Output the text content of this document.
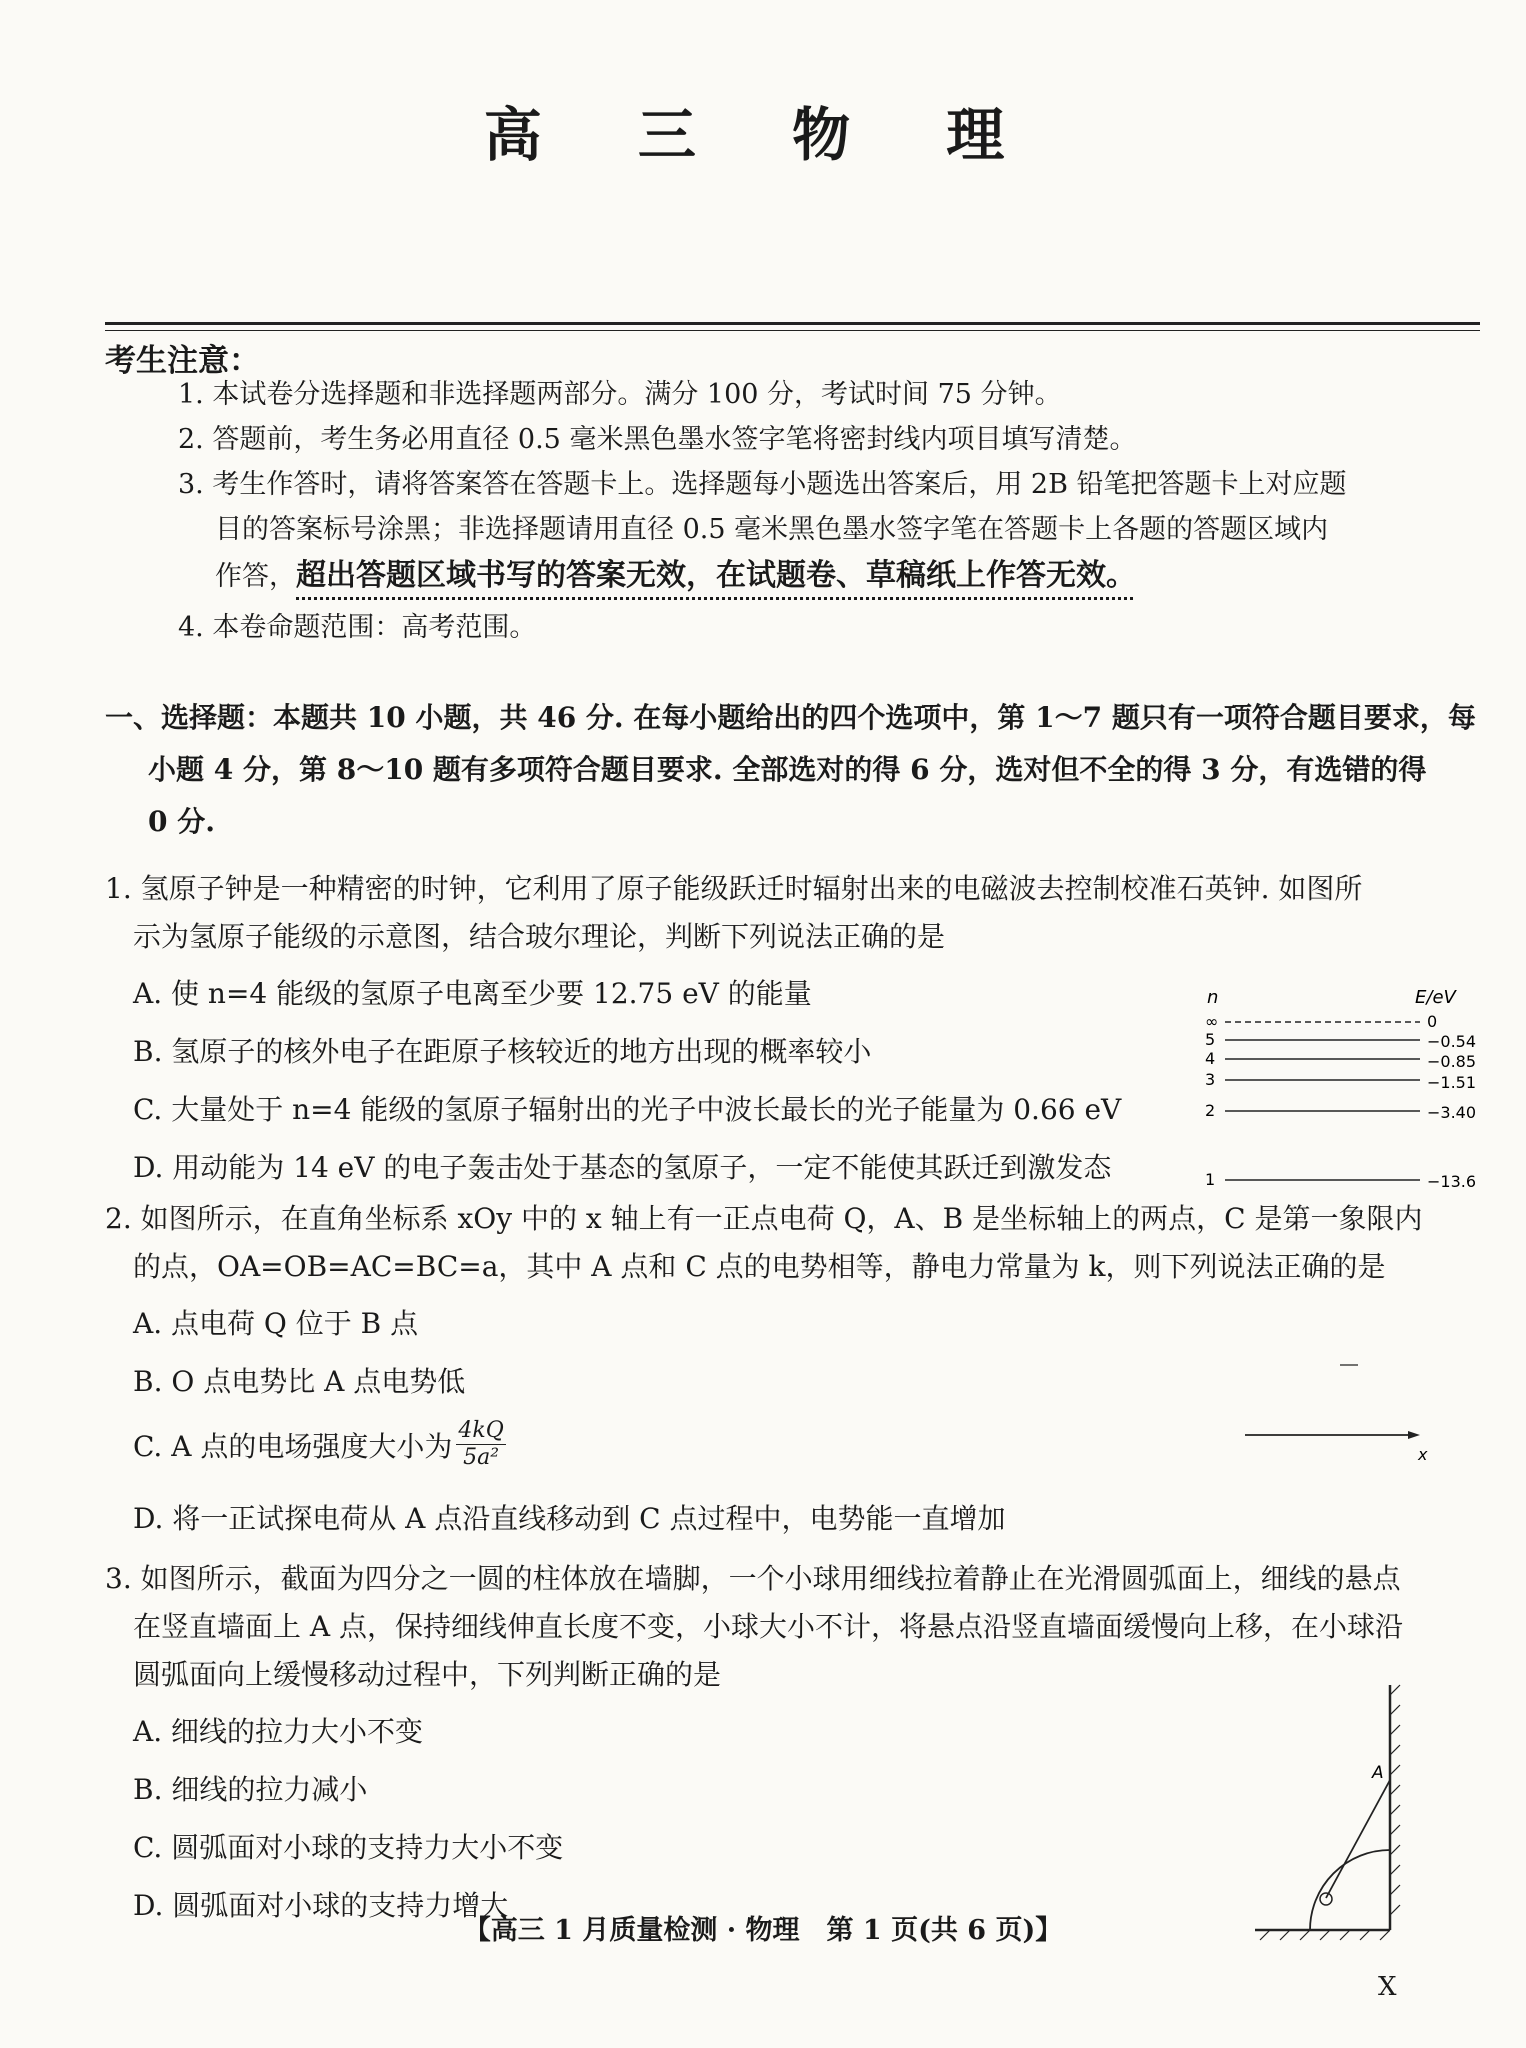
高 三 物 理
考生注意：
1. 本试卷分选择题和非选择题两部分。满分 100 分，考试时间 75 分钟。
2. 答题前，考生务必用直径 0.5 毫米黑色墨水签字笔将密封线内项目填写清楚。
3. 考生作答时，请将答案答在答题卡上。选择题每小题选出答案后，用 2B 铅笔把答题卡上对应题
目的答案标号涂黑；非选择题请用直径 0.5 毫米黑色墨水签字笔在答题卡上各题的答题区域内
作答，超出答题区域书写的答案无效，在试题卷、草稿纸上作答无效。
4. 本卷命题范围：高考范围。
一、选择题：本题共 10 小题，共 46 分. 在每小题给出的四个选项中，第 1～7 题只有一项符合题目要求，每
小题 4 分，第 8～10 题有多项符合题目要求. 全部选对的得 6 分，选对但不全的得 3 分，有选错的得
0 分.
1. 氢原子钟是一种精密的时钟，它利用了原子能级跃迁时辐射出来的电磁波去控制校准石英钟. 如图所
示为氢原子能级的示意图，结合玻尔理论，判断下列说法正确的是
A. 使 n=4 能级的氢原子电离至少要 12.75 eV 的能量
B. 氢原子的核外电子在距原子核较近的地方出现的概率较小
C. 大量处于 n=4 能级的氢原子辐射出的光子中波长最长的光子能量为 0.66 eV
D. 用动能为 14 eV 的电子轰击处于基态的氢原子，一定不能使其跃迁到激发态
n	E/eV
∞	0
5	−0.54
4	−0.85
3	−1.51
2	−3.40
1	−13.6
2. 如图所示，在直角坐标系 xOy 中的 x 轴上有一正点电荷 Q，A、B 是坐标轴上的两点，C 是第一象限内
的点，OA=OB=AC=BC=a，其中 A 点和 C 点的电势相等，静电力常量为 k，则下列说法正确的是
A. 点电荷 Q 位于 B 点
B. O 点电势比 A 点电势低
C. A 点的电场强度大小为 $\frac{4kQ}{\text{5a²}}$
D. 将一正试探电荷从 A 点沿直线移动到 C 点过程中，电势能一直增加
x
3. 如图所示，截面为四分之一圆的柱体放在墙脚，一个小球用细线拉着静止在光滑圆弧面上，细线的悬点
在竖直墙面上 A 点，保持细线伸直长度不变，小球大小不计，将悬点沿竖直墙面缓慢向上移，在小球沿
圆弧面向上缓慢移动过程中，下列判断正确的是
A. 细线的拉力大小不变
B. 细线的拉力减小
C. 圆弧面对小球的支持力大小不变
D. 圆弧面对小球的支持力增大
A
【高三 1 月质量检测 · 物理　第 1 页(共 6 页)】
X
